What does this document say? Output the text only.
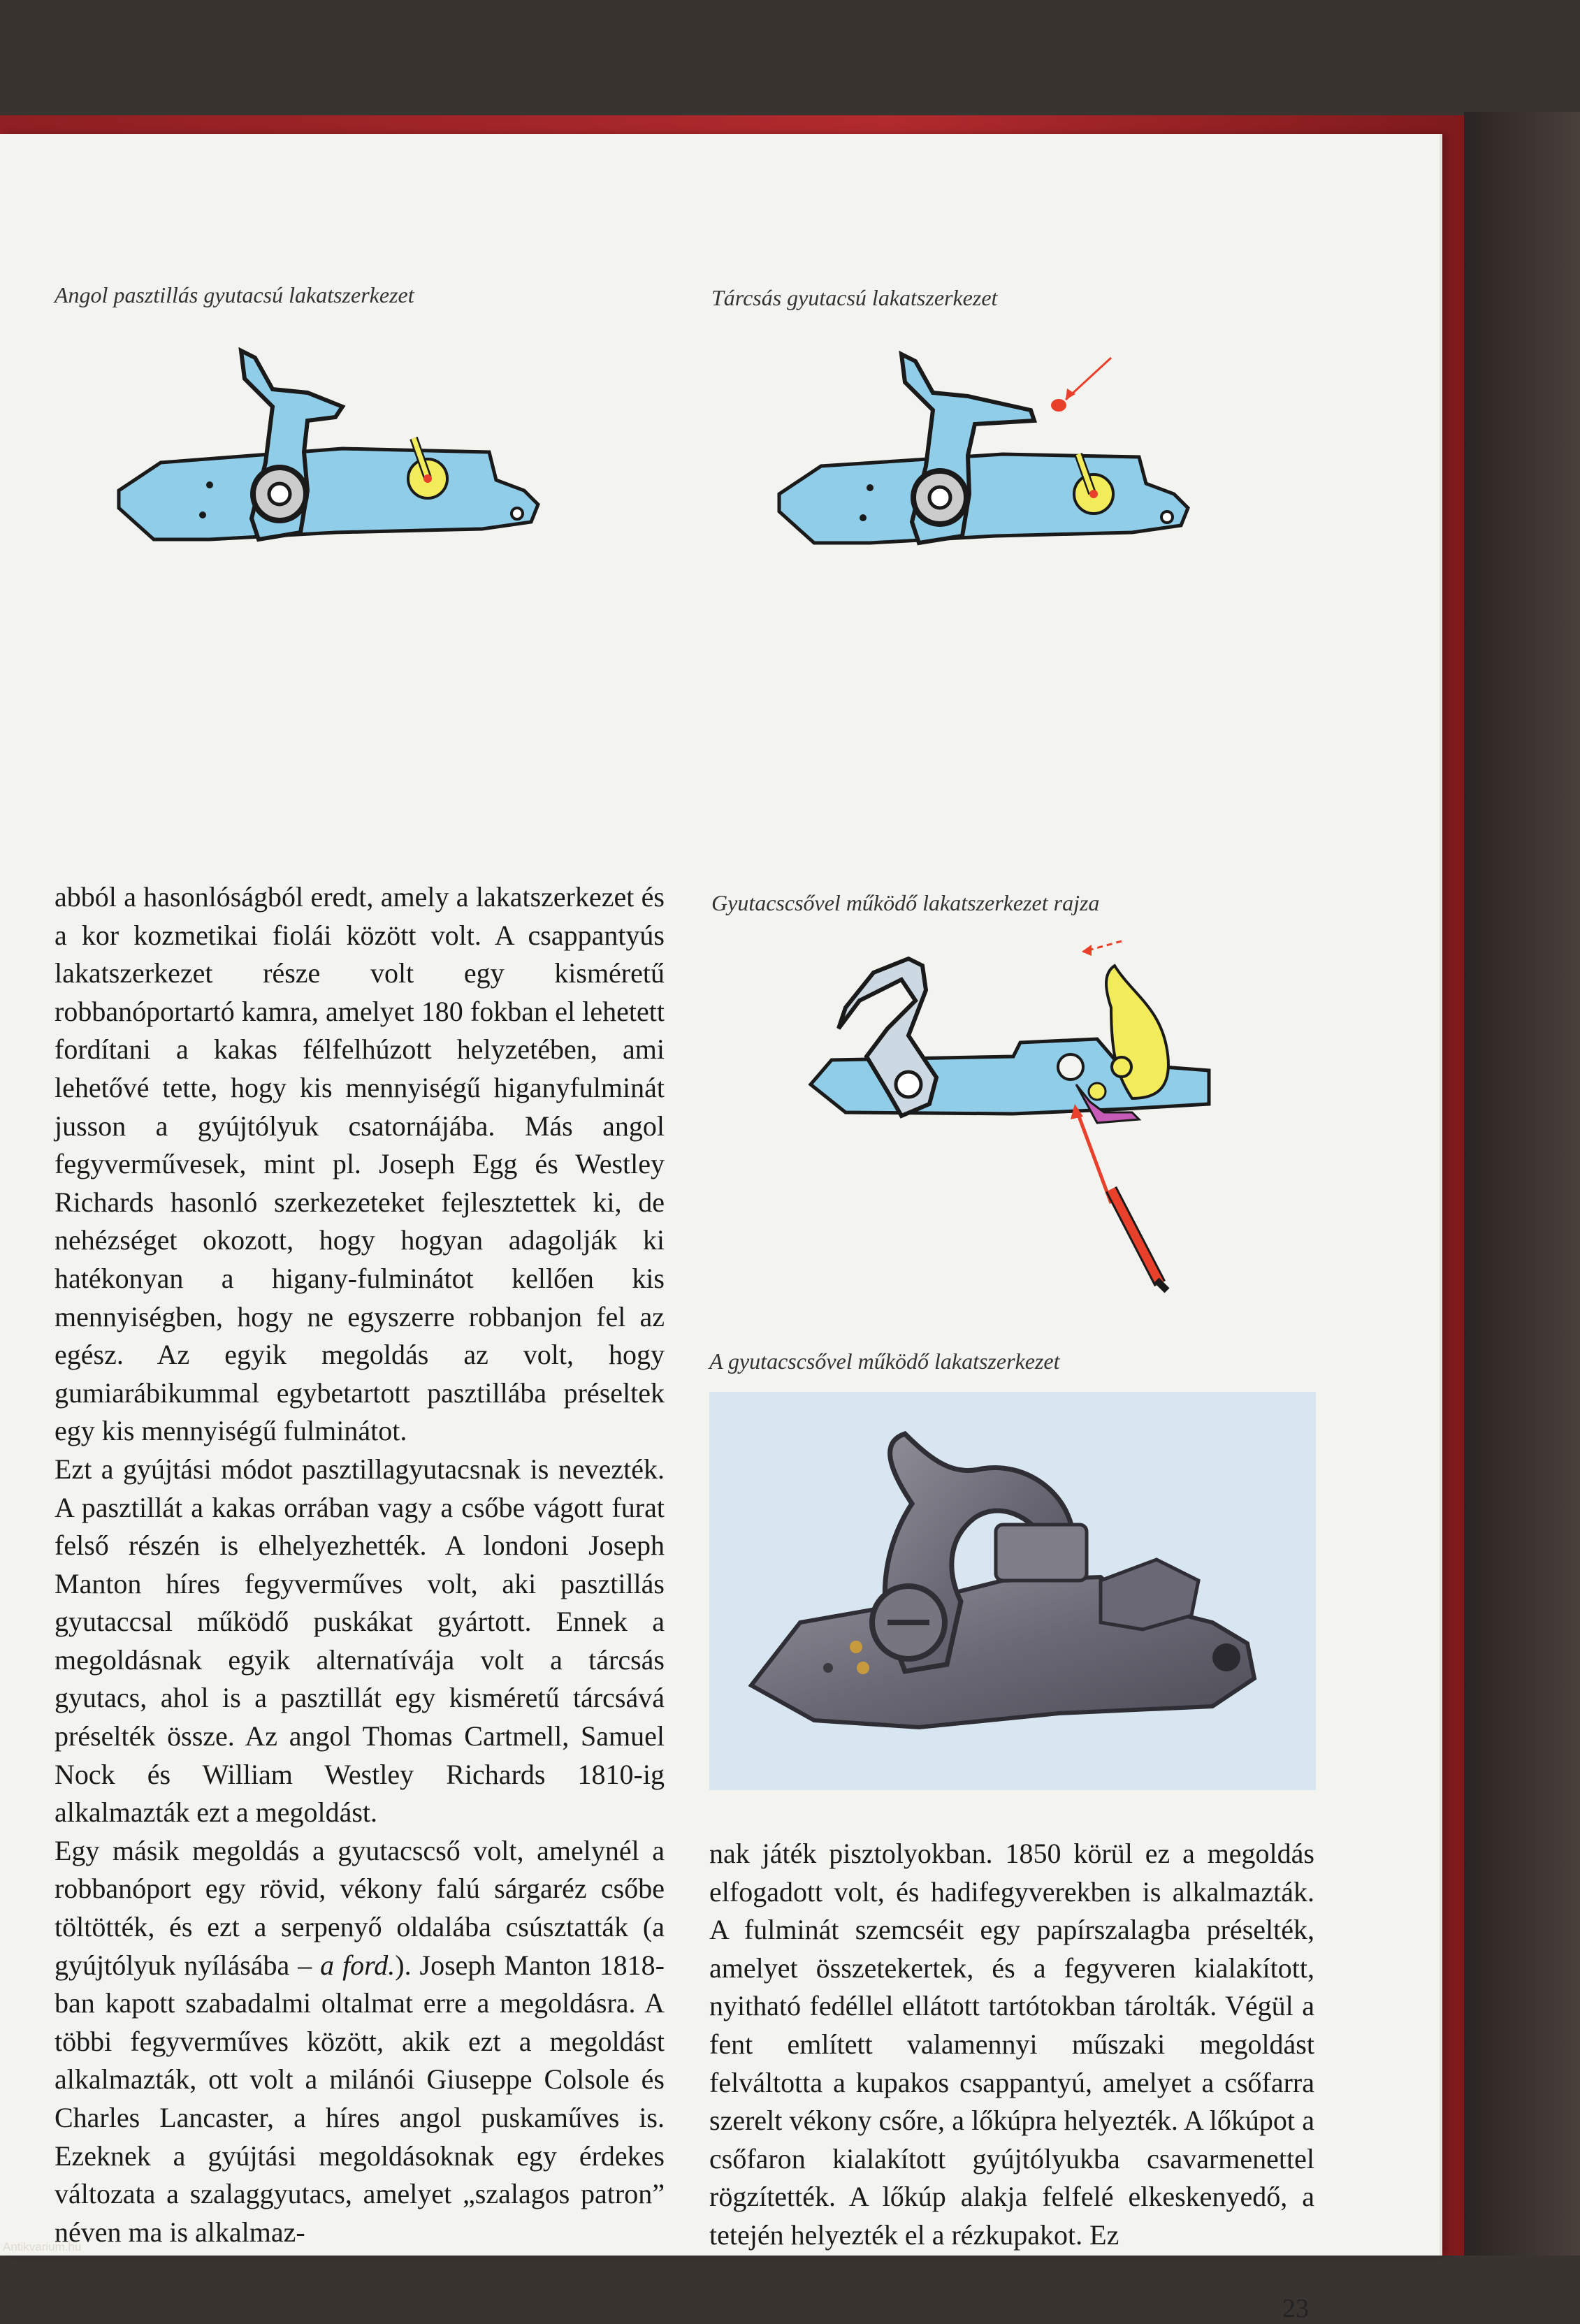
Angol pasztillás gyutacsú lakatszerkezet	Tárcsás gyutacsú lakatszerkezet
Gyutacscsővel működő lakatszerkezet rajza
A gyutacscsővel működő lakatszerkezet

abból a hasonlóságból eredt, amely a lakatszerkezet és a kor kozmetikai fiolái között volt. A csappantyús lakatszerkezet része volt egy kisméretű robbanóportartó kamra, amelyet 180 fokban el lehetett fordítani a kakas félfelhúzott helyzetében, ami lehetővé tette, hogy kis mennyiségű higanyfulminát jusson a gyújtólyuk csatornájába. Más angol fegyverművesek, mint pl. Joseph Egg és Westley Richards hasonló szerkezeteket fejlesztettek ki, de nehézséget okozott, hogy hogyan adagolják ki hatékonyan a higany-fulminátot kellően kis mennyiségben, hogy ne egyszerre robbanjon fel az egész. Az egyik megoldás az volt, hogy gumiarábikummal egybetartott pasztillába préseltek egy kis mennyiségű fulminátot.

Ezt a gyújtási módot pasztillagyutacsnak is nevezték. A pasztillát a kakas orrában vagy a csőbe vágott furat felső részén is elhelyezhették. A londoni Joseph Manton híres fegyverműves volt, aki pasztillás gyutaccsal működő puskákat gyártott. Ennek a megoldásnak egyik alternatívája volt a tárcsás gyutacs, ahol is a pasztillát egy kisméretű tárcsává préselték össze. Az angol Thomas Cartmell, Samuel Nock és William Westley Richards 1810-ig alkalmazták ezt a megoldást.

Egy másik megoldás a gyutacscső volt, amelynél a robbanóport egy rövid, vékony falú sárgaréz csőbe töltötték, és ezt a serpenyő oldalába csúsztatták (a gyújtólyuk nyílásába – a ford.). Joseph Manton 1818-ban kapott szabadalmi oltalmat erre a megoldásra. A többi fegyverműves között, akik ezt a megoldást alkalmazták, ott volt a milánói Giuseppe Colsole és Charles Lancaster, a híres angol puskaműves is. Ezeknek a gyújtási megoldásoknak egy érdekes változata a szalaggyutacs, amelyet „szalagos patron” néven ma is alkalmaz-

nak játék pisztolyokban. 1850 körül ez a megoldás elfogadott volt, és hadifegyverekben is alkalmazták. A fulminát szemcséit egy papírszalagba préselték, amelyet összetekertek, és a fegyveren kialakított, nyitható fedéllel ellátott tartótokban tárolták. Végül a fent említett valamennyi műszaki megoldást felváltotta a kupakos csappantyú, amelyet a csőfarra szerelt vékony csőre, a lőkúpra helyezték. A lőkúpot a csőfaron kialakított gyújtólyukba csavarmenettel rögzítették. A lőkúp alakja felfelé elkeskenyedő, a tetején helyezték el a rézkupakot. Ez

23
Antikvarium.hu
